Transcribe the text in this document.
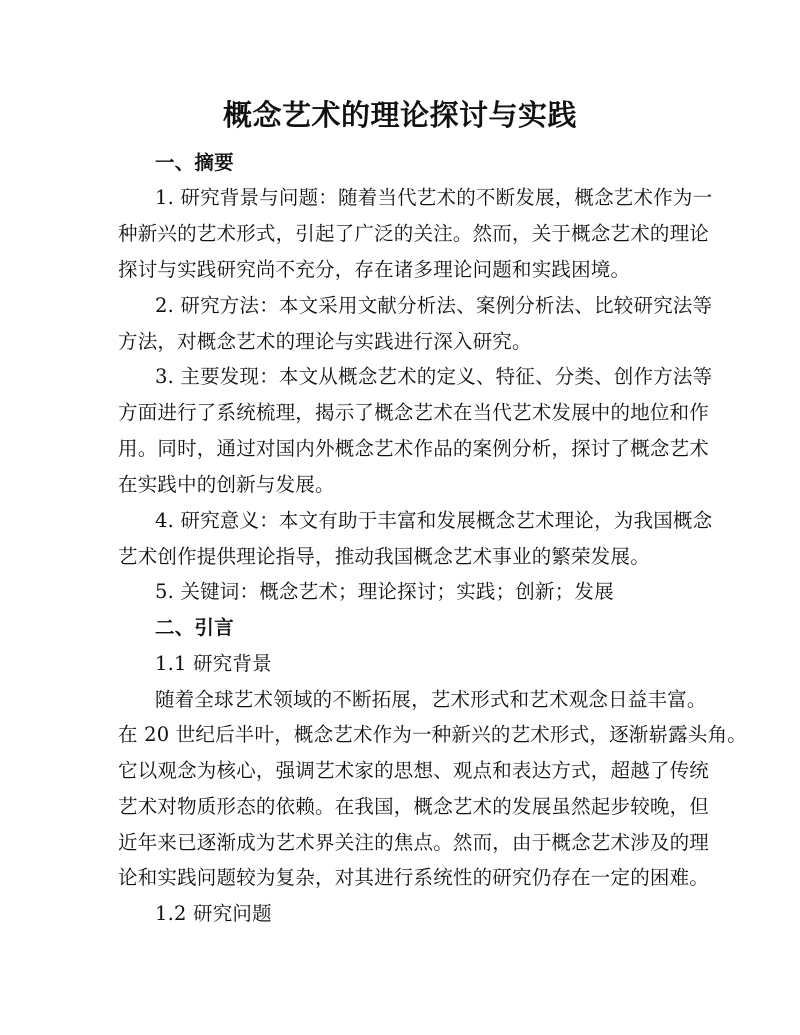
概念艺术的理论探讨与实践
一、摘要
1. 研究背景与问题：随着当代艺术的不断发展，概念艺术作为一
种新兴的艺术形式，引起了广泛的关注。然而，关于概念艺术的理论
探讨与实践研究尚不充分，存在诸多理论问题和实践困境。
2. 研究方法：本文采用文献分析法、案例分析法、比较研究法等
方法，对概念艺术的理论与实践进行深入研究。
3. 主要发现：本文从概念艺术的定义、特征、分类、创作方法等
方面进行了系统梳理，揭示了概念艺术在当代艺术发展中的地位和作
用。同时，通过对国内外概念艺术作品的案例分析，探讨了概念艺术
在实践中的创新与发展。
4. 研究意义：本文有助于丰富和发展概念艺术理论，为我国概念
艺术创作提供理论指导，推动我国概念艺术事业的繁荣发展。
5. 关键词：概念艺术；理论探讨；实践；创新；发展
二、引言
1.1 研究背景
随着全球艺术领域的不断拓展，艺术形式和艺术观念日益丰富。
在 20 世纪后半叶，概念艺术作为一种新兴的艺术形式，逐渐崭露头角。
它以观念为核心，强调艺术家的思想、观点和表达方式，超越了传统
艺术对物质形态的依赖。在我国，概念艺术的发展虽然起步较晚，但
近年来已逐渐成为艺术界关注的焦点。然而，由于概念艺术涉及的理
论和实践问题较为复杂，对其进行系统性的研究仍存在一定的困难。
1.2 研究问题
